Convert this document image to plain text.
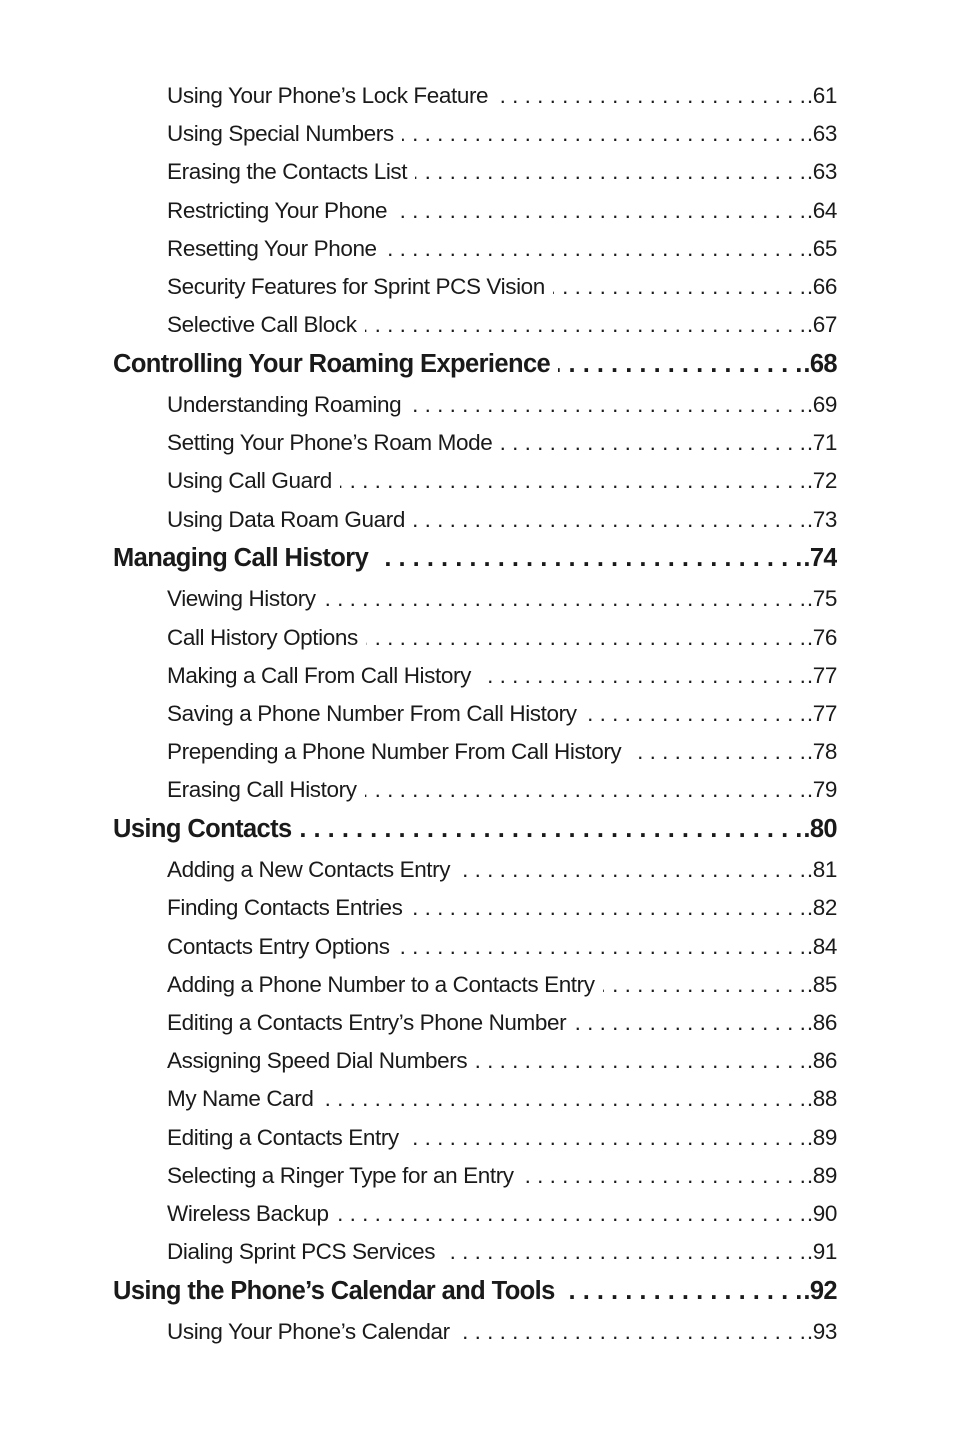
Using Your Phone’s Lock Feature . . .	.61
Using Special Numbers . . .	.63
Erasing the Contacts List . . .	.63
Restricting Your Phone . . .	.64
Resetting Your Phone . . .	.65
Security Features for Sprint PCS Vision . . .	.66
Selective Call Block . . .	.67
Controlling Your Roaming Experience . . .	.68
Understanding Roaming . . .	.69
Setting Your Phone’s Roam Mode . . .	.71
Using Call Guard . . .	.72
Using Data Roam Guard . . .	.73
Managing Call History . . .	.74
Viewing History . . .	.75
Call History Options . . .	.76
Making a Call From Call History . . .	.77
Saving a Phone Number From Call History . . .	.77
Prepending a Phone Number From Call History . . .	.78
Erasing Call History . . .	.79
Using Contacts . . .	.80
Adding a New Contacts Entry . . .	.81
Finding Contacts Entries . . .	.82
Contacts Entry Options . . .	.84
Adding a Phone Number to a Contacts Entry . . .	.85
Editing a Contacts Entry’s Phone Number . . .	.86
Assigning Speed Dial Numbers . . .	.86
My Name Card . . .	.88
Editing a Contacts Entry . . .	.89
Selecting a Ringer Type for an Entry . . .	.89
Wireless Backup . . .	.90
Dialing Sprint PCS Services . . .	.91
Using the Phone’s Calendar and Tools . . .	.92
Using Your Phone’s Calendar . . .	.93
